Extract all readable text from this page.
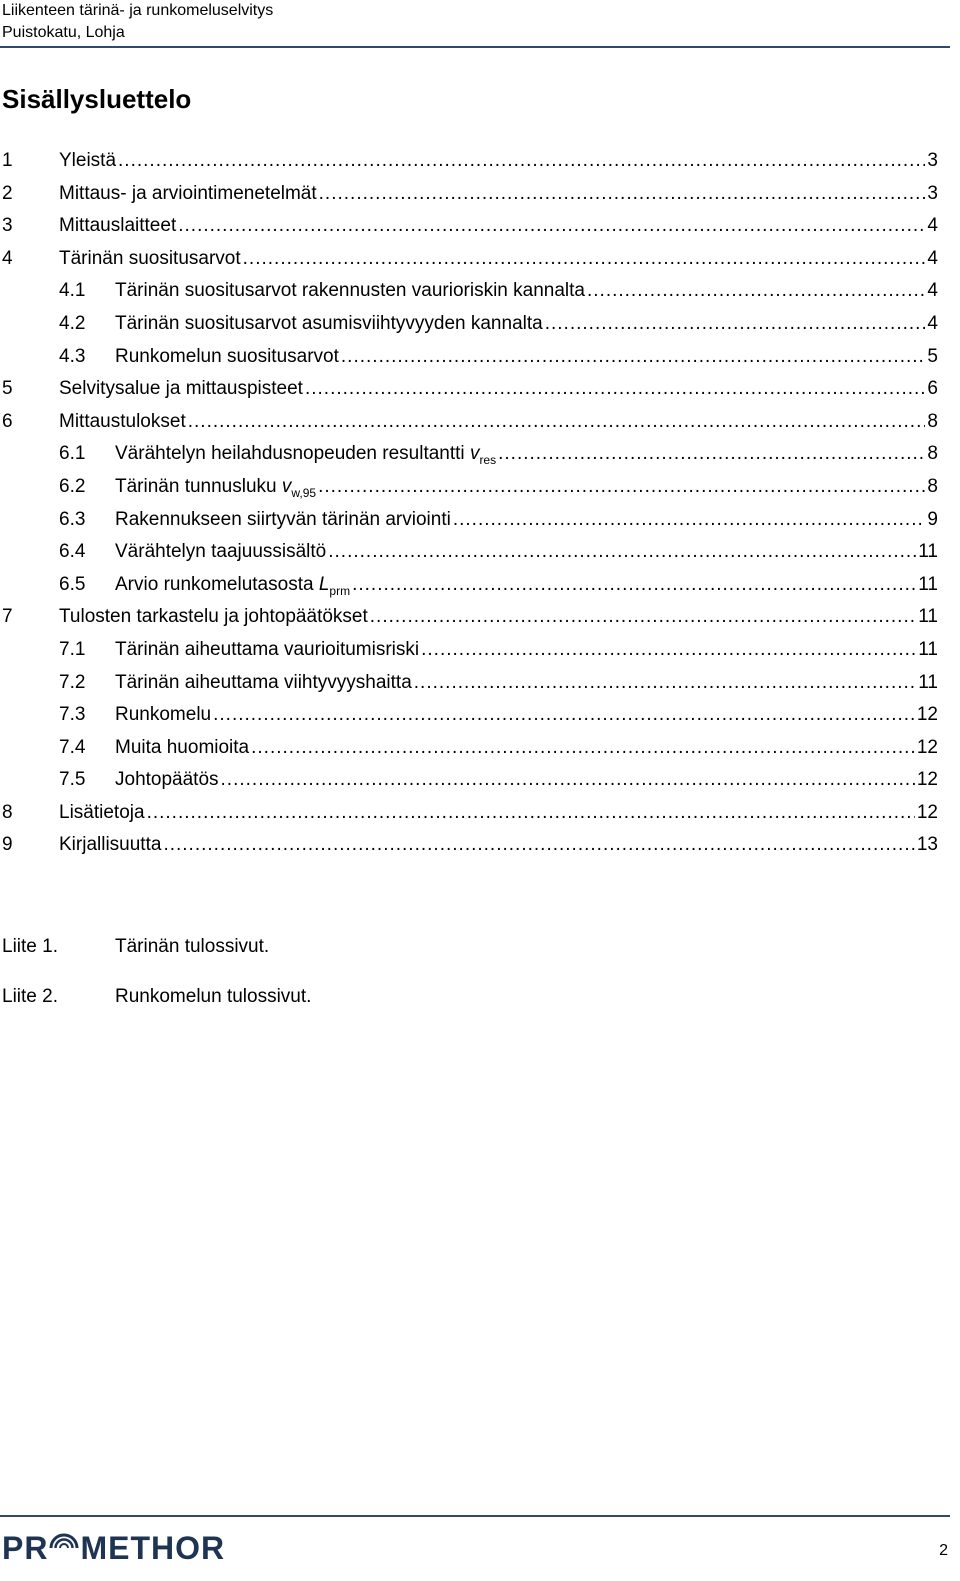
Liikenteen tärinä- ja runkomeluselvitys
Puistokatu, Lohja
Sisällysluettelo
1	Yleistä .....	3
2	Mittaus- ja arviointimenetelmät .....	3
3	Mittauslaitteet .....	4
4	Tärinän suositusarvot .....	4
4.1	Tärinän suositusarvot rakennusten vaurioriskin kannalta .....	4
4.2	Tärinän suositusarvot asumisviihtyvyyden kannalta .....	4
4.3	Runkomelun suositusarvot .....	5
5	Selvitysalue ja mittauspisteet .....	6
6	Mittaustulokset .....	8
6.1	Värähtelyn heilahdusnopeuden resultantti $v_{res}$ .....	8
6.2	Tärinän tunnusluku $v_{w,95}$ .....	8
6.3	Rakennukseen siirtyvän tärinän arviointi .....	9
6.4	Värähtelyn taajuussisältö .....	11
6.5	Arvio runkomelutasosta $L_{prm}$ .....	11
7	Tulosten tarkastelu ja johtopäätökset .....	11
7.1	Tärinän aiheuttama vaurioitumisriski .....	11
7.2	Tärinän aiheuttama viihtyvyyshaitta .....	11
7.3	Runkomelu .....	12
7.4	Muita huomioita .....	12
7.5	Johtopäätös .....	12
8	Lisätietoja .....	12
9	Kirjallisuutta .....	13
Liite 1.	Tärinän tulossivut.
Liite 2.	Runkomelun tulossivut.
PR METHOR	2
